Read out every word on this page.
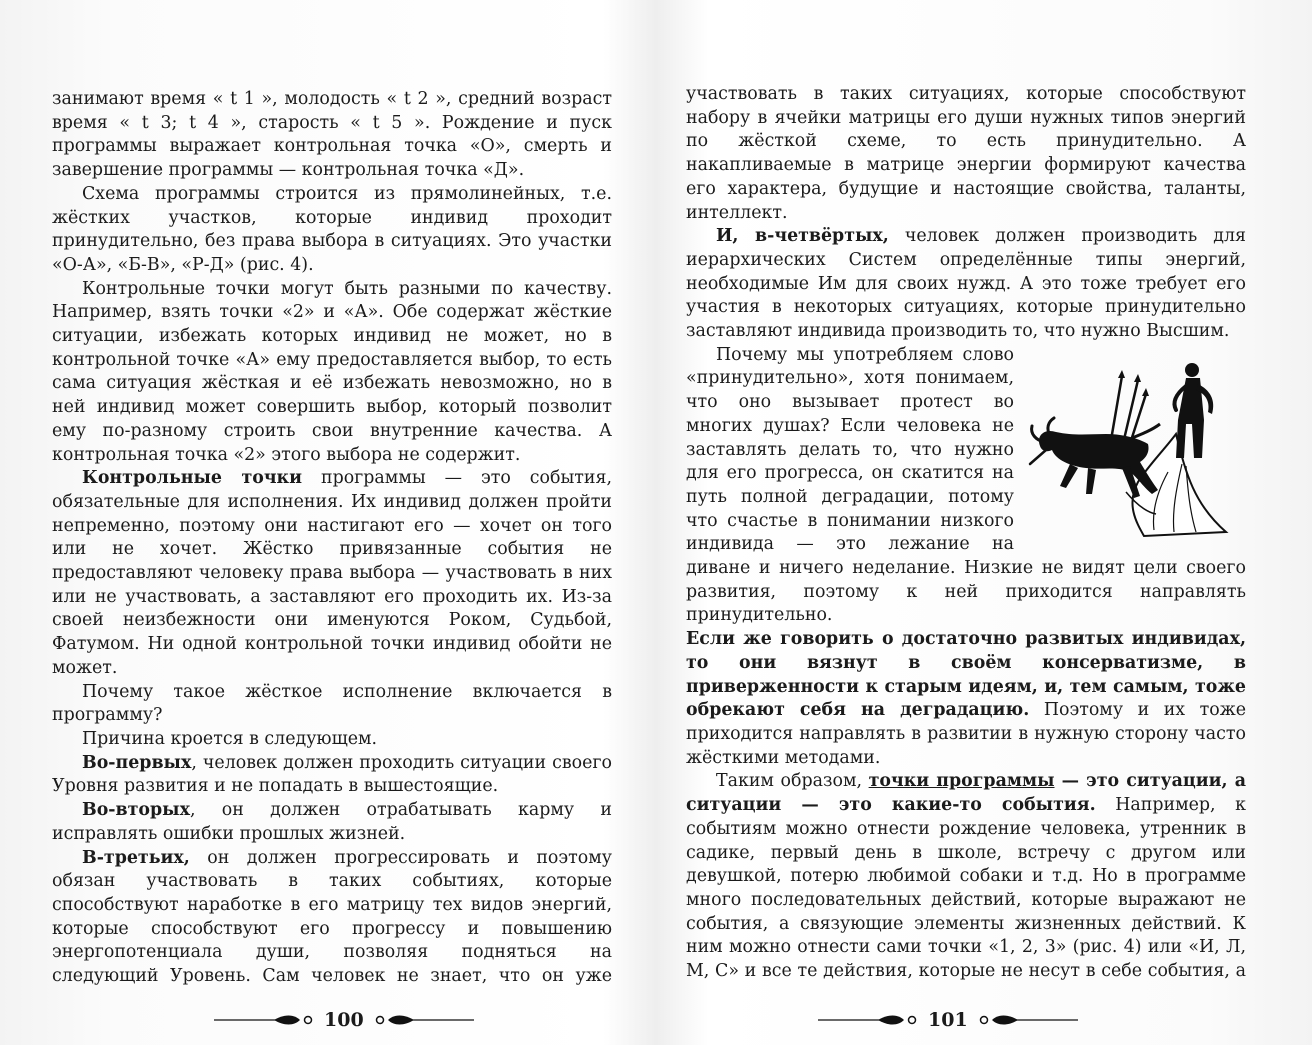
занимают время « t 1 », молодость « t 2 », средний возраст время « t 3; t 4 », старость « t 5 ». Рождение и пуск программы выражает контрольная точка «О», смерть и завершение программы — контрольная точка «Д».

Схема программы строится из прямолинейных, т.е. жёстких участков, которые индивид проходит принудительно, без права выбора в ситуациях. Это участки «О-А», «Б-В», «Р-Д» (рис. 4).

Контрольные точки могут быть разными по качеству. Например, взять точки «2» и «А». Обе содержат жёсткие ситуации, избежать которых индивид не может, но в контрольной точке «А» ему предоставляется выбор, то есть сама ситуация жёсткая и её избежать невозможно, но в ней индивид может совершить выбор, который позволит ему по-разному строить свои внутренние качества. А контрольная точка «2» этого выбора не содержит.

Контрольные точки программы — это события, обязательные для исполнения. Их индивид должен пройти непременно, поэтому они настигают его — хочет он того или не хочет. Жёстко привязанные события не предоставляют человеку права выбора — участвовать в них или не участвовать, а заставляют его проходить их. Из-за своей неизбежности они именуются Роком, Судьбой, Фатумом. Ни одной контрольной точки индивид обойти не может.

Почему такое жёсткое исполнение включается в программу?

Причина кроется в следующем.

Во-первых, человек должен проходить ситуации своего Уровня развития и не попадать в вышестоящие.

Во-вторых, он должен отрабатывать карму и исправлять ошибки прошлых жизней.

В-третьих, он должен прогрессировать и поэтому обязан участвовать в таких событиях, которые способствуют наработке в его матрицу тех видов энергий, которые способствуют его прогрессу и повышению энергопотенциала души, позволяя подняться на следующий Уровень. Сам человек не знает, что он уже

участвовать в таких ситуациях, которые способствуют набору в ячейки матрицы его души нужных типов энергий по жёсткой схеме, то есть принудительно. А накапливаемые в матрице энергии формируют качества его характера, будущие и настоящие свойства, таланты, интеллект.

И, в-четвёртых, человек должен производить для иерархических Систем определённые типы энергий, необходимые Им для своих нужд. А это тоже требует его участия в некоторых ситуациях, которые принудительно заставляют индивида производить то, что нужно Высшим.

Почему мы употребляем слово «принудительно», хотя понимаем, что оно вызывает протест во многих душах? Если человека не заставлять делать то, что нужно для его прогресса, он скатится на путь полной деградации, потому что счастье в понимании низкого индивида — это лежание на диване и ничего неделание. Низкие не видят цели своего развития, поэтому к ней приходится направлять принудительно.

Если же говорить о достаточно развитых индивидах, то они вязнут в своём консерватизме, в приверженности к старым идеям, и, тем самым, тоже обрекают себя на деградацию. Поэтому и их тоже приходится направлять в развитии в нужную сторону часто жёсткими методами.

Таким образом, точки программы — это ситуации, а ситуации — это какие-то события. Например, к событиям можно отнести рождение человека, утренник в садике, первый день в школе, встречу с другом или девушкой, потерю любимой собаки и т.д. Но в программе много последовательных действий, которые выражают не события, а связующие элементы жизненных действий. К ним можно отнести сами точки «1, 2, 3» (рис. 4) или «И, Л, М, С» и все те действия, которые не несут в себе события, а

100	101
